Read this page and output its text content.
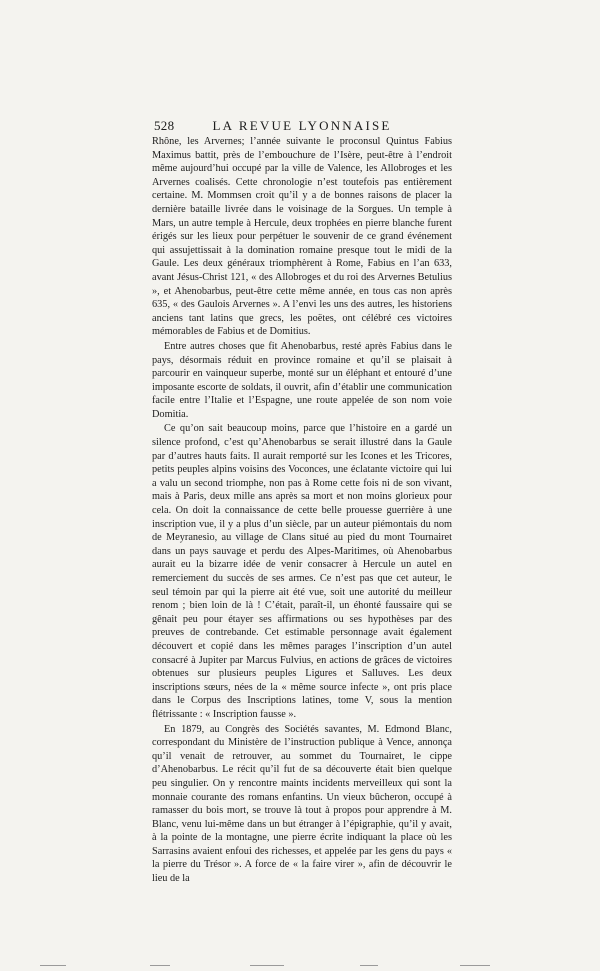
528	LA REVUE LYONNAISE

Rhône, les Arvernes; l’année suivante le proconsul Quintus Fabius Maximus battit, près de l’embouchure de l’Isère, peut-être à l’endroit même aujourd’hui occupé par la ville de Valence, les Allobroges et les Arvernes coalisés. Cette chronologie n’est toutefois pas entièrement certaine. M. Mommsen croit qu’il y a de bonnes raisons de placer la dernière bataille livrée dans le voisinage de la Sorgues. Un temple à Mars, un autre temple à Hercule, deux trophées en pierre blanche furent érigés sur les lieux pour perpétuer le souvenir de ce grand événement qui assujettissait à la domination romaine presque tout le midi de la Gaule. Les deux généraux triomphèrent à Rome, Fabius en l’an 633, avant Jésus-Christ 121, « des Allobroges et du roi des Arvernes Betulius », et Ahenobarbus, peut-être cette même année, en tous cas non après 635, « des Gaulois Arvernes ». A l’envi les uns des autres, les historiens anciens tant latins que grecs, les poëtes, ont célébré ces victoires mémorables de Fabius et de Domitius.

Entre autres choses que fit Ahenobarbus, resté après Fabius dans le pays, désormais réduit en province romaine et qu’il se plaisait à parcourir en vainqueur superbe, monté sur un éléphant et entouré d’une imposante escorte de soldats, il ouvrit, afin d’établir une communication facile entre l’Italie et l’Espagne, une route appelée de son nom voie Domitia.

Ce qu’on sait beaucoup moins, parce que l’histoire en a gardé un silence profond, c’est qu’Ahenobarbus se serait illustré dans la Gaule par d’autres hauts faits. Il aurait remporté sur les Icones et les Tricores, petits peuples alpins voisins des Voconces, une éclatante victoire qui lui a valu un second triomphe, non pas à Rome cette fois ni de son vivant, mais à Paris, deux mille ans après sa mort et non moins glorieux pour cela. On doit la connaissance de cette belle prouesse guerrière à une inscription vue, il y a plus d’un siècle, par un auteur piémontais du nom de Meyranesio, au village de Clans situé au pied du mont Tournairet dans un pays sauvage et perdu des Alpes-Maritimes, où Ahenobarbus aurait eu la bizarre idée de venir consacrer à Hercule un autel en remerciement du succès de ses armes. Ce n’est pas que cet auteur, le seul témoin par qui la pierre ait été vue, soit une autorité du meilleur renom ; bien loin de là ! C’était, paraît-il, un éhonté faussaire qui se gênait peu pour étayer ses affirmations ou ses hypothèses par des preuves de contrebande. Cet estimable personnage avait également découvert et copié dans les mêmes parages l’inscription d’un autel consacré à Jupiter par Marcus Fulvius, en actions de grâces de victoires obtenues sur plusieurs peuples Ligures et Salluves. Les deux inscriptions sœurs, nées de la « même source infecte », ont pris place dans le Corpus des Inscriptions latines, tome V, sous la mention flétrissante : « Inscription fausse ».

En 1879, au Congrès des Sociétés savantes, M. Edmond Blanc, correspondant du Ministère de l’instruction publique à Vence, annonça qu’il venait de retrouver, au sommet du Tournairet, le cippe d’Ahenobarbus. Le récit qu’il fut de sa découverte était bien quelque peu singulier. On y rencontre maints incidents merveilleux qui sont la monnaie courante des romans enfantins. Un vieux bûcheron, occupé à ramasser du bois mort, se trouve là tout à propos pour apprendre à M. Blanc, venu lui-même dans un but étranger à l’épigraphie, qu’il y avait, à la pointe de la montagne, une pierre écrite indiquant la place où les Sarrasins avaient enfoui des richesses, et appelée par les gens du pays « la pierre du Trésor ». A force de « la faire virer », afin de découvrir le lieu de la
